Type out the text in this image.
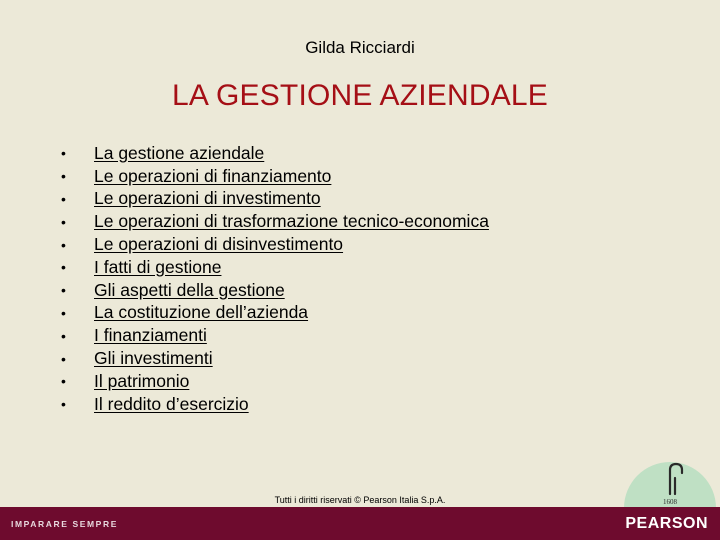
Gilda Ricciardi
LA GESTIONE AZIENDALE
•	La gestione aziendale
•	Le operazioni di finanziamento
•	Le operazioni di investimento
•	Le operazioni di trasformazione tecnico-economica
•	Le operazioni di disinvestimento
•	I fatti di gestione
•	Gli aspetti della gestione
•	La costituzione dell’azienda
•	I finanziamenti
•	Gli investimenti
•	Il patrimonio
•	Il reddito d’esercizio
1608
Tutti i diritti riservati © Pearson Italia S.p.A.
IMPARARE SEMPRE	PEARSON
